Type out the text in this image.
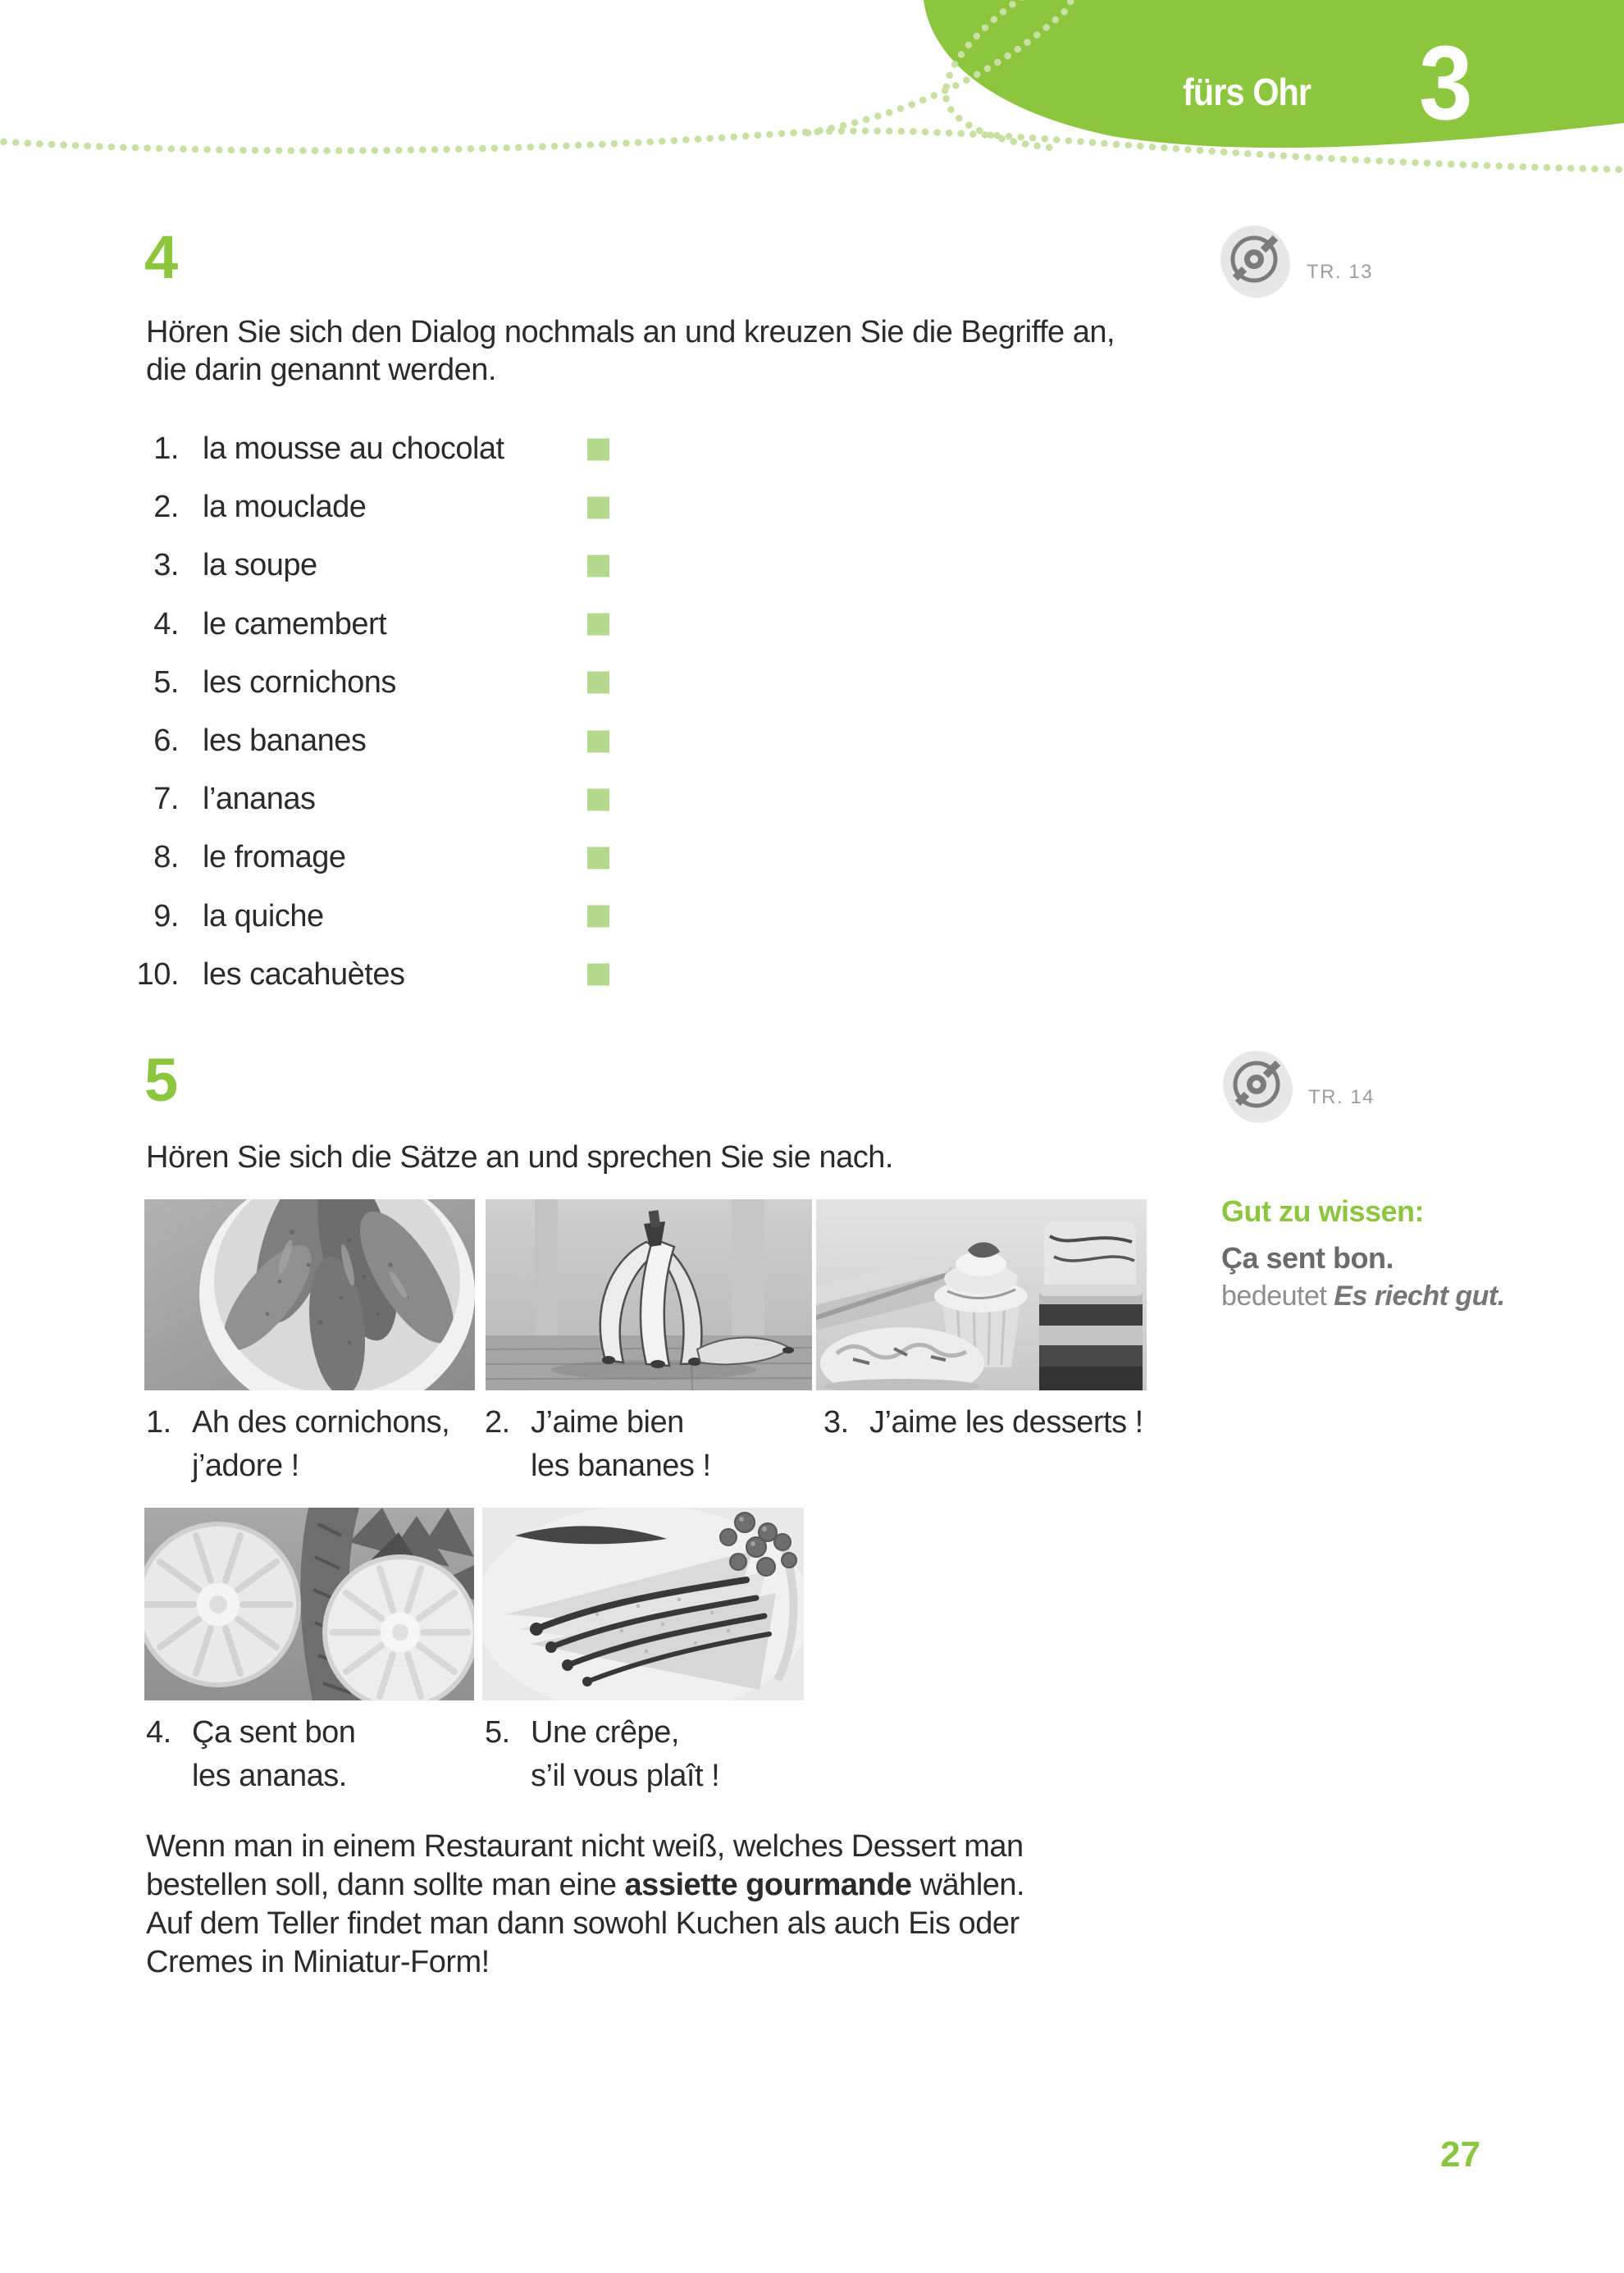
fürs Ohr 3
4	TR. 13
Hören Sie sich den Dialog nochmals an und kreuzen Sie die Begriffe an,
die darin genannt werden.
1. la mousse au chocolat
2. la mouclade
3. la soupe
4. le camembert
5. les cornichons
6. les bananes
7. l’ananas
8. le fromage
9. la quiche
10. les cacahuètes
5	TR. 14
Hören Sie sich die Sätze an und sprechen Sie sie nach.
Gut zu wissen:
Ça sent bon.
bedeutet Es riecht gut.
1. Ah des cornichons,
j’adore !
2. J’aime bien
les bananes !
3. J’aime les desserts !
4. Ça sent bon
les ananas.
5. Une crêpe,
s’il vous plaît !
Wenn man in einem Restaurant nicht weiß, welches Dessert man
bestellen soll, dann sollte man eine assiette gourmande wählen.
Auf dem Teller findet man dann sowohl Kuchen als auch Eis oder
Cremes in Miniatur-Form!
27
